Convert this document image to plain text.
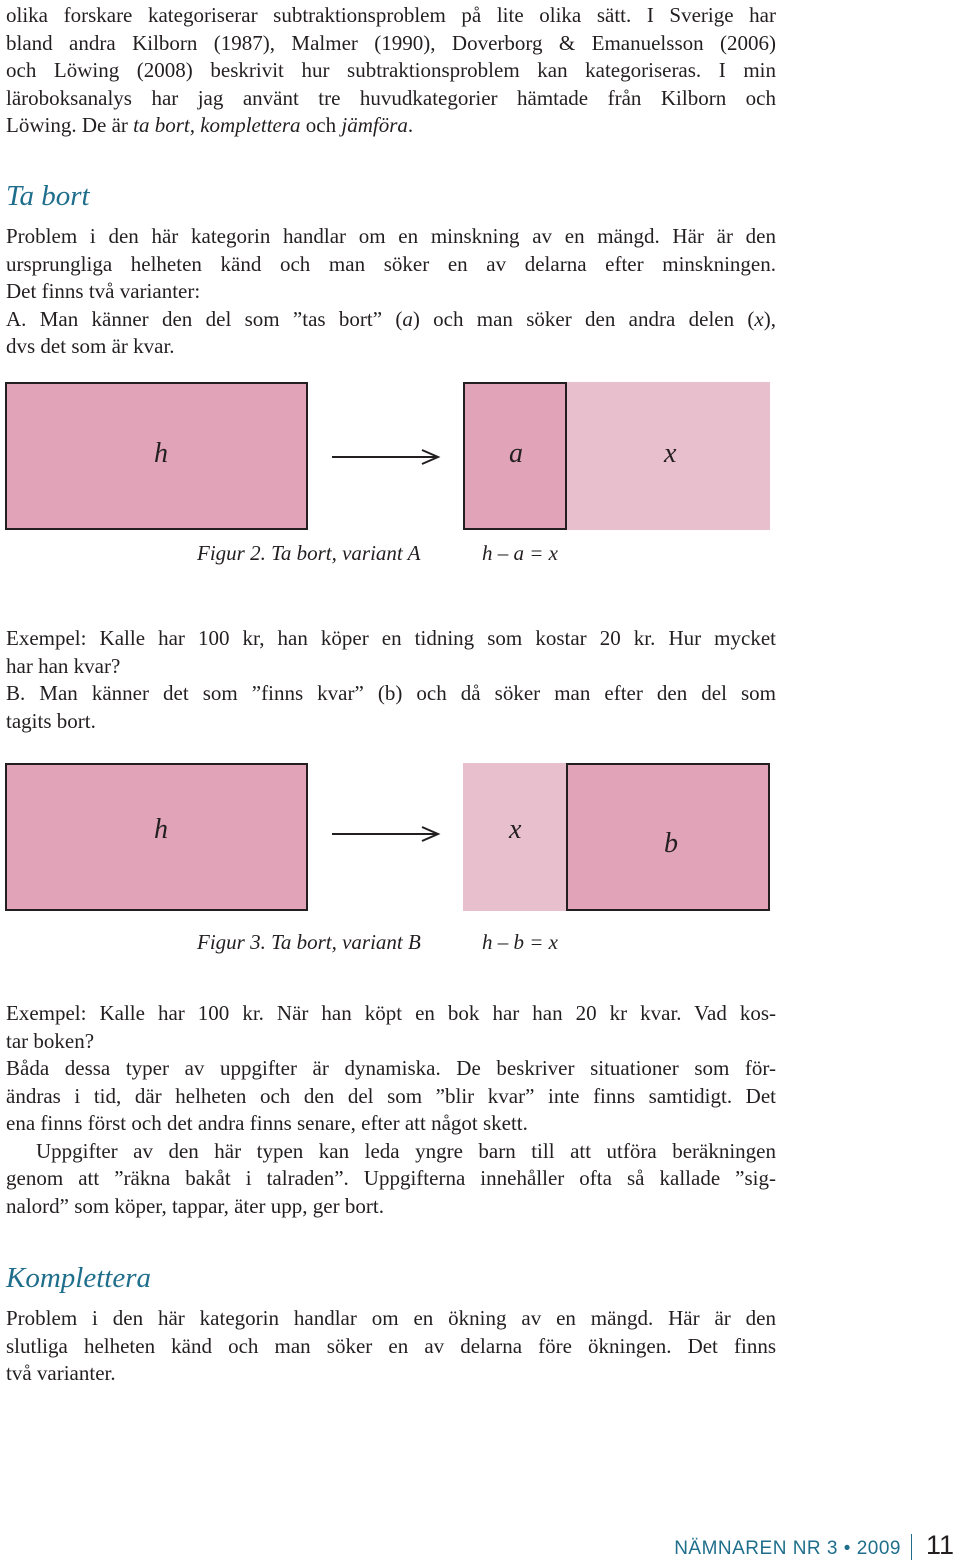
olika forskare kategoriserar subtraktionsproblem på lite olika sätt. I Sverige har
bland andra Kilborn (1987), Malmer (1990), Doverborg & Emanuelsson (2006)
och Löwing (2008) beskrivit hur subtraktionsproblem kan kategoriseras. I min
läroboksanalys har jag använt tre huvudkategorier hämtade från Kilborn och
Löwing. De är ta bort, komplettera och jämföra.
Ta bort
Problem i den här kategorin handlar om en minskning av en mängd. Här är den
ursprungliga helheten känd och man söker en av delarna efter minskningen.
Det finns två varianter:
A. Man känner den del som ”tas bort” (a) och man söker den andra delen (x),
dvs det som är kvar.
h	a	x
Figur 2. Ta bort, variant A	h – a = x
Exempel: Kalle har 100 kr, han köper en tidning som kostar 20 kr. Hur mycket
har han kvar?
B. Man känner det som ”finns kvar” (b) och då söker man efter den del som
tagits bort.
h	x	b
Figur 3. Ta bort, variant B	h – b = x
Exempel: Kalle har 100 kr. När han köpt en bok har han 20 kr kvar. Vad kos-
tar boken?
Båda dessa typer av uppgifter är dynamiska. De beskriver situationer som för-
ändras i tid, där helheten och den del som ”blir kvar” inte finns samtidigt. Det
ena finns först och det andra finns senare, efter att något skett.
Uppgifter av den här typen kan leda yngre barn till att utföra beräkningen
genom att ”räkna bakåt i talraden”. Uppgifterna innehåller ofta så kallade ”sig-
nalord” som köper, tappar, äter upp, ger bort.
Komplettera
Problem i den här kategorin handlar om en ökning av en mängd. Här är den
slutliga helheten känd och man söker en av delarna före ökningen. Det finns
två varianter.
NÄMNAREN NR 3 • 2009 11
